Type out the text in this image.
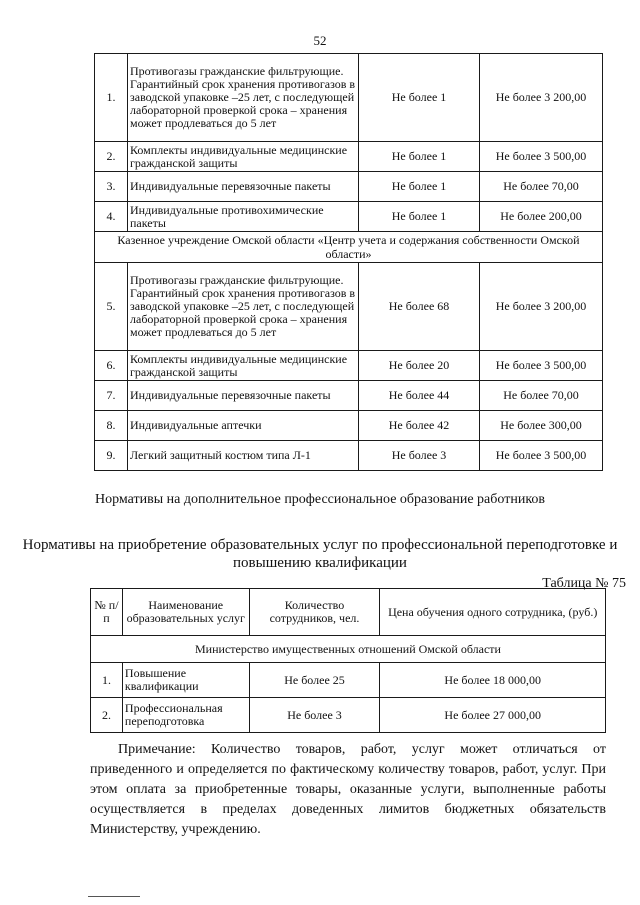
52
1.	Противогазы гражданские фильтрующие. Гарантийный срок хранения противогазов в заводской упаковке –25 лет, с последующей лабораторной проверкой срока – хранения может продлеваться до 5 лет	Не более 1	Не более 3 200,00
2.	Комплекты индивидуальные медицинские гражданской защиты	Не более 1	Не более 3 500,00
3.	Индивидуальные перевязочные пакеты	Не более 1	Не более 70,00
4.	Индивидуальные противохимические пакеты	Не более 1	Не более 200,00
Казенное учреждение Омской области «Центр учета и содержания собственности Омской области»			
5.	Противогазы гражданские фильтрующие. Гарантийный срок хранения противогазов в заводской упаковке –25 лет, с последующей лабораторной проверкой срока – хранения может продлеваться до 5 лет	Не более 68	Не более 3 200,00
6.	Комплекты индивидуальные медицинские гражданской защиты	Не более 20	Не более 3 500,00
7.	Индивидуальные перевязочные пакеты	Не более 44	Не более 70,00
8.	Индивидуальные аптечки	Не более 42	Не более 300,00
9.	Легкий защитный костюм типа Л-1	Не более 3	Не более 3 500,00
Нормативы на дополнительное профессиональное образование работников
Нормативы на приобретение образовательных услуг по профессиональной переподготовке и повышению квалификации
Таблица № 75
№ п/п	Наименование образовательных услуг	Количество сотрудников, чел.	Цена обучения одного сотрудника, (руб.)
Министерство имущественных отношений Омской области			
1.	Повышение квалификации	Не более 25	Не более 18 000,00
2.	Профессиональная переподготовка	Не более 3	Не более 27 000,00
Примечание: Количество товаров, работ, услуг может отличаться от приведенного и определяется по фактическому количеству товаров, работ, услуг. При этом оплата за приобретенные товары, оказанные услуги, выполненные работы осуществляется в пределах доведенных лимитов бюджетных обязательств Министерству, учреждению.
